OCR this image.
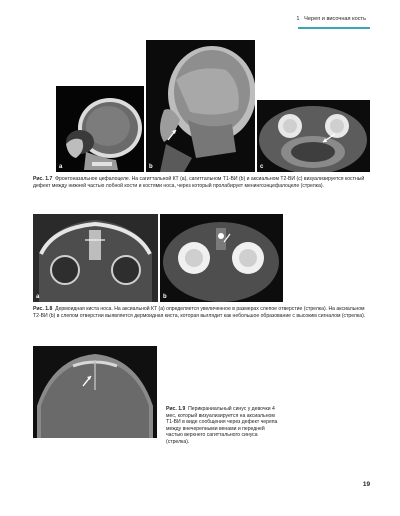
1 Череп и височная кость
a	b	c
Рис. 1.7 Фронтоназальное цефалоцеле. На сагиттальной КТ (a), сагиттальном Т1-ВИ (b) и аксиальном Т2-ВИ (c) визуализируется костный дефект между нижней частью лобной кости и костями носа, через который пролабирует менингоэнцефалоцеле (стрелка).
a	b
Рис. 1.8 Дермоидная киста носа. На аксиальной КТ (a) определяется увеличенное в размерах слепое отверстие (стрелка). На аксиальном Т2-ВИ (b) в слепом отверстии выявляется дермоидная киста, которая выглядит как небольшое образование с высоким сигналом (стрелка).
Рис. 1.9 Перикраниальный синус у девочки 4 мес, который визуализируется на аксиальном Т1-ВИ в виде сообщения через дефект черепа между внечерепными венами и передней частью верхнего сагиттального синуса (стрелка).
19
